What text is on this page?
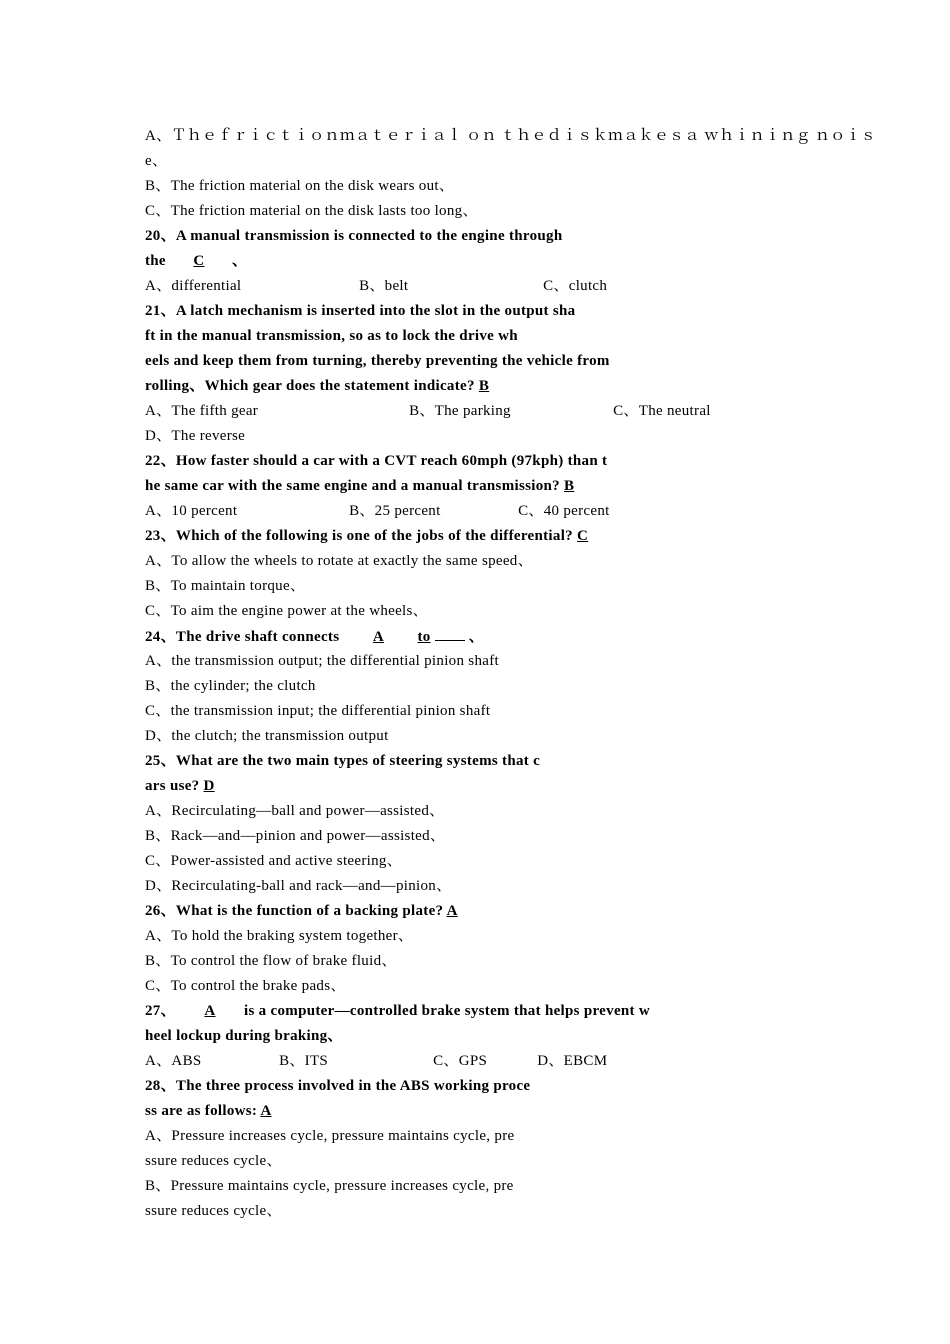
A、Ｔｈｅｆｒｉｃｔｉｏｎｍａｔｅｒｉａｌ ｏｎ ｔｈｅｄｉｓｋｍａｋｅｓａ ｗｈｉｎｉｎｇ ｎｏｉｓ
e、
B、The friction material on the disk wears out、
C、The friction material on the disk lasts too long、
20、A manual transmission is connected to the engine through
the C 、
A、differential	B、belt	C、clutch
21、A latch mechanism is inserted into the slot in the output sha
ft in the manual transmission, so as to lock the drive wh
eels and keep them from turning, thereby preventing the vehicle from
rolling、Which gear does the statement indicate? B
A、The fifth gear	B、The parking	C、The neutral
D、The reverse
22、How faster should a car with a CVT reach 60mph (97kph) than t
he same car with the same engine and a manual transmission? B
A、10 percent	B、25 percent	C、40 percent
23、Which of the following is one of the jobs of the differential? C
A、To allow the wheels to rotate at exactly the same speed、
B、To maintain torque、
C、To aim the engine power at the wheels、
24、The drive shaft connects A to	、
A、the transmission output; the differential pinion shaft
B、the cylinder; the clutch
C、the transmission input; the differential pinion shaft
D、the clutch; the transmission output
25、What are the two main types of steering systems that c
ars use? D
A、Recirculating—ball and power—assisted、
B、Rack—and—pinion and power—assisted、
C、Power-assisted and active steering、
D、Recirculating-ball and rack—and—pinion、
26、What is the function of a backing plate? A
A、To hold the braking system together、
B、To control the flow of brake fluid、
C、To control the brake pads、
27、 A is a computer—controlled brake system that helps prevent w
heel lockup during braking、
A、ABS	B、ITS	C、GPS	D、EBCM
28、The three process involved in the ABS working proce
ss are as follows: A
A、Pressure increases cycle, pressure maintains cycle, pre
ssure reduces cycle、
B、Pressure maintains cycle, pressure increases cycle, pre
ssure reduces cycle、
